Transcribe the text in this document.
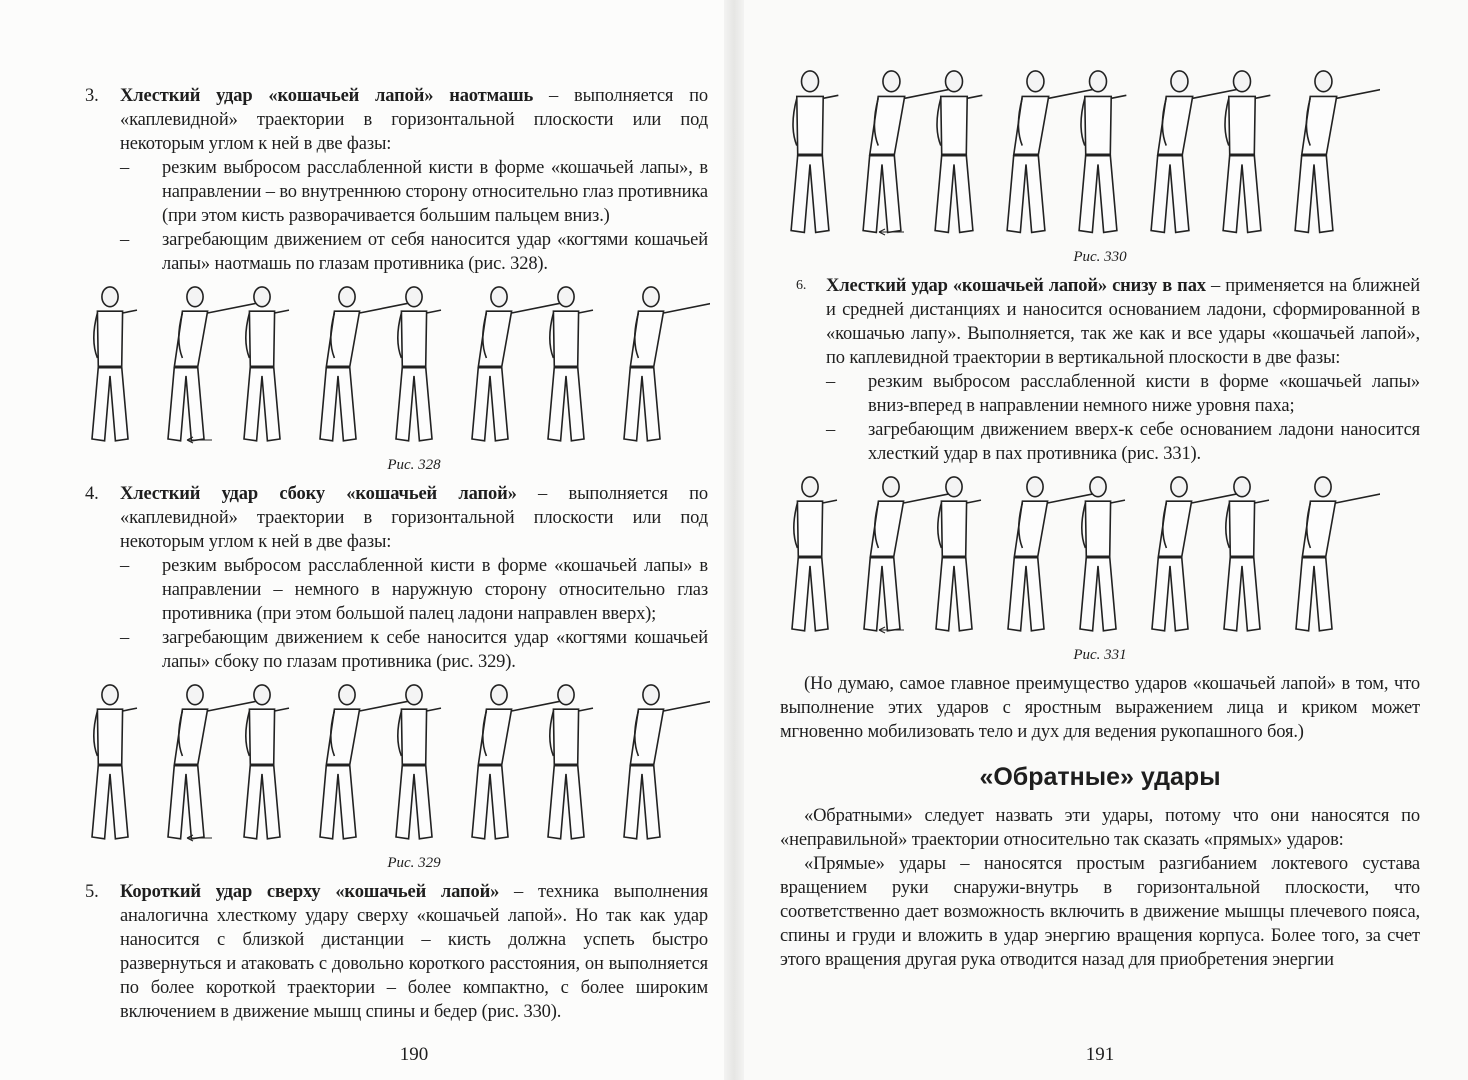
3. Хлесткий удар «кошачьей лапой» наотмашь – выполняется по «каплевидной» траектории в горизонтальной плоскости или под некоторым углом к ней в две фазы:

– резким выбросом расслабленной кисти в форме «кошачьей лапы», в направлении – во внутреннюю сторону относительно глаз противника (при этом кисть разворачивается большим пальцем вниз.)

– загребающим движением от себя наносится удар «когтями кошачьей лапы» наотмашь по глазам противника (рис. 328).

Рис. 328
4. Хлесткий удар сбоку «кошачьей лапой» – выполняется по «каплевидной» траектории в горизонтальной плоскости или под некоторым углом к ней в две фазы:

– резким выбросом расслабленной кисти в форме «кошачьей лапы» в направлении – немного в наружную сторону относительно глаз противника (при этом большой палец ладони направлен вверх);

– загребающим движением к себе наносится удар «когтями кошачьей лапы» сбоку по глазам противника (рис. 329).

Рис. 329
5. Короткий удар сверху «кошачьей лапой» – техника выполнения аналогична хлесткому удару сверху «кошачьей лапой». Но так как удар наносится с близкой дистанции – кисть должна успеть быстро развернуться и атаковать с довольно короткого расстояния, он выполняется по более короткой траектории – более компактно, с более широким включением в движение мышц спины и бедер (рис. 330).

190
Рис. 330
6. Хлесткий удар «кошачьей лапой» снизу в пах – применяется на ближней и средней дистанциях и наносится основанием ладони, сформированной в «кошачью лапу». Выполняется, так же как и все удары «кошачьей лапой», по каплевидной траектории в вертикальной плоскости в две фазы:

– резким выбросом расслабленной кисти в форме «кошачьей лапы» вниз-вперед в направлении немного ниже уровня паха;

– загребающим движением вверх-к себе основанием ладони наносится хлесткий удар в пах противника (рис. 331).

Рис. 331
(Но думаю, самое главное преимущество ударов «кошачьей лапой» в том, что выполнение этих ударов с яростным выражением лица и криком может мгновенно мобилизовать тело и дух для ведения рукопашного боя.)
«Обратные» удары

«Обратными» следует назвать эти удары, потому что они наносятся по «неправильной» траектории относительно так сказать «прямых» ударов:

«Прямые» удары – наносятся простым разгибанием локтевого сустава вращением руки снаружи-внутрь в горизонтальной плоскости, что соответственно дает возможность включить в движение мышцы плечевого пояса, спины и груди и вложить в удар энергию вращения корпуса. Более того, за счет этого вращения другая рука отводится назад для приобретения энергии

191
